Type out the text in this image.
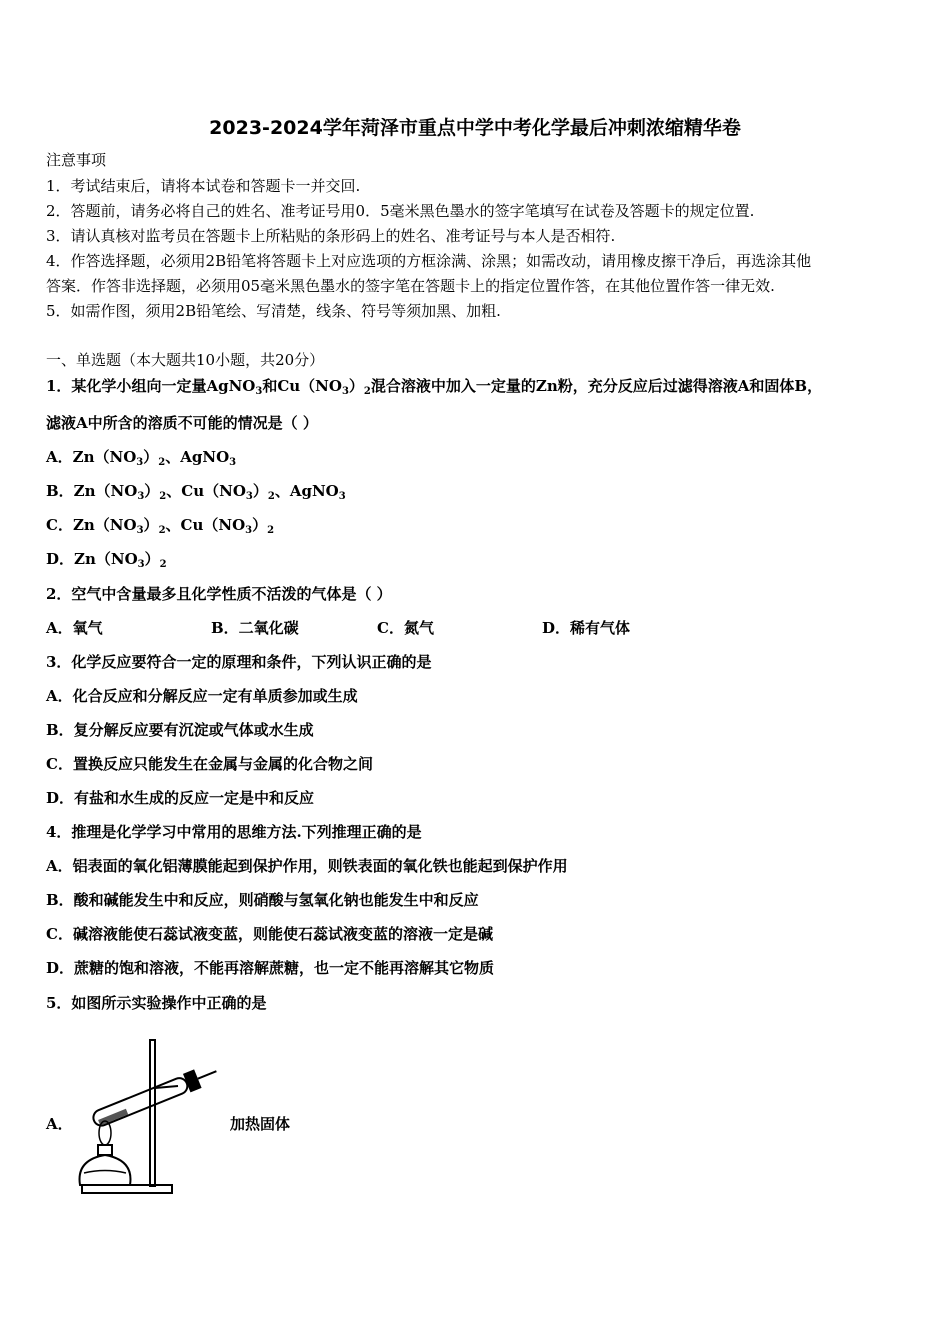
2023-2024学年菏泽市重点中学中考化学最后冲刺浓缩精华卷
注意事项
1．考试结束后，请将本试卷和答题卡一并交回.
2．答题前，请务必将自己的姓名、准考证号用0．5毫米黑色墨水的签字笔填写在试卷及答题卡的规定位置.
3．请认真核对监考员在答题卡上所粘贴的条形码上的姓名、准考证号与本人是否相符.
4．作答选择题，必须用2B铅笔将答题卡上对应选项的方框涂满、涂黑；如需改动，请用橡皮擦干净后，再选涂其他
答案．作答非选择题，必须用05毫米黑色墨水的签字笔在答题卡上的指定位置作答，在其他位置作答一律无效.
5．如需作图，须用2B铅笔绘、写清楚，线条、符号等须加黑、加粗.
一、单选题（本大题共10小题，共20分）
1．某化学小组向一定量AgNO$_3$和$Cu(NO_3)_2$混合溶液中加入一定量的Zn粉，充分反应后过滤得溶液A和固体B，
滤液A中所含的溶质不可能的情况是（ ）
A．$Zn(NO_3)_2$、AgNO$_3$
B．$Zn(NO_3)_2$、$Cu(NO_3)_2$、AgNO$_3$
C．$Zn(NO_3)_2$、$Cu(NO_3)_2$
D．$Zn(NO_3)_2$
2．空气中含量最多且化学性质不活泼的气体是（ ）
A．氧气	B．二氧化碳	C．氮气	D．稀有气体
3．化学反应要符合一定的原理和条件，下列认识正确的是
A．化合反应和分解反应一定有单质参加或生成
B．复分解反应要有沉淀或气体或水生成
C．置换反应只能发生在金属与金属的化合物之间
D．有盐和水生成的反应一定是中和反应
4．推理是化学学习中常用的思维方法.下列推理正确的是
A．铝表面的氧化铝薄膜能起到保护作用，则铁表面的氧化铁也能起到保护作用
B．酸和碱能发生中和反应，则硝酸与氢氧化钠也能发生中和反应
C．碱溶液能使石蕊试液变蓝，则能使石蕊试液变蓝的溶液一定是碱
D．蔗糖的饱和溶液，不能再溶解蔗糖，也一定不能再溶解其它物质
5．如图所示实验操作中正确的是
A．	加热固体
